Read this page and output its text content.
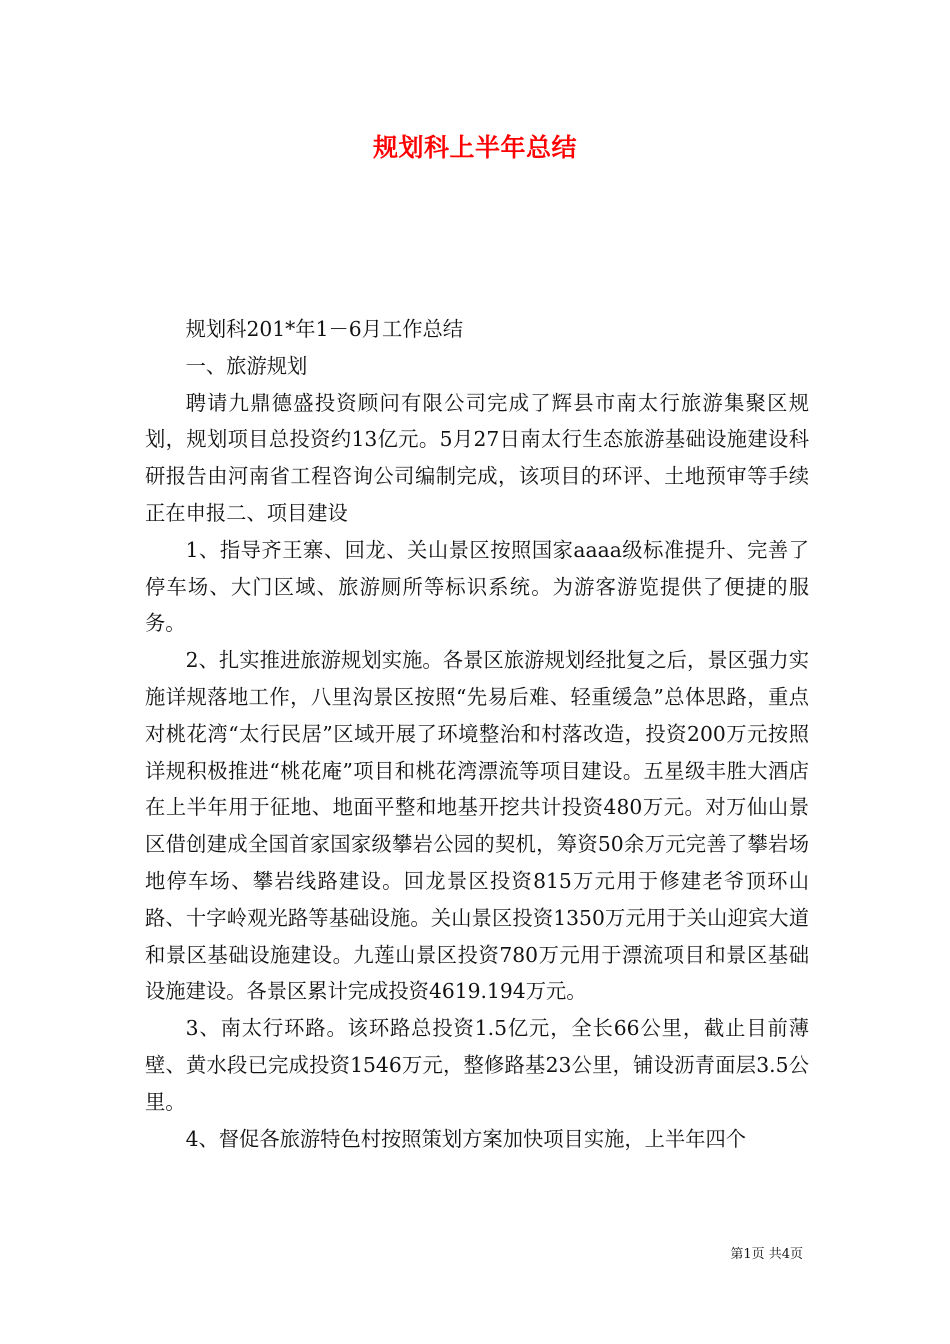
规划科上半年总结

规划科201*年1－6月工作总结

一、旅游规划

聘请九鼎德盛投资顾问有限公司完成了辉县市南太行旅游集聚区规划，规划项目总投资约13亿元。5月27日南太行生态旅游基础设施建设科研报告由河南省工程咨询公司编制完成，该项目的环评、土地预审等手续正在申报二、项目建设

1、指导齐王寨、回龙、关山景区按照国家aaaa级标准提升、完善了停车场、大门区域、旅游厕所等标识系统。为游客游览提供了便捷的服务。

2、扎实推进旅游规划实施。各景区旅游规划经批复之后，景区强力实施详规落地工作，八里沟景区按照“先易后难、轻重缓急”总体思路，重点对桃花湾“太行民居”区域开展了环境整治和村落改造，投资200万元按照详规积极推进“桃花庵”项目和桃花湾漂流等项目建设。五星级丰胜大酒店在上半年用于征地、地面平整和地基开挖共计投资480万元。对万仙山景区借创建成全国首家国家级攀岩公园的契机，筹资50余万元完善了攀岩场地停车场、攀岩线路建设。回龙景区投资815万元用于修建老爷顶环山路、十字岭观光路等基础设施。关山景区投资1350万元用于关山迎宾大道和景区基础设施建设。九莲山景区投资780万元用于漂流项目和景区基础设施建设。各景区累计完成投资4619.194万元。

3、南太行环路。该环路总投资1.5亿元，全长66公里，截止目前薄壁、黄水段已完成投资1546万元，整修路基23公里，铺设沥青面层3.5公里。

4、督促各旅游特色村按照策划方案加快项目实施，上半年四个

第1页 共4页
